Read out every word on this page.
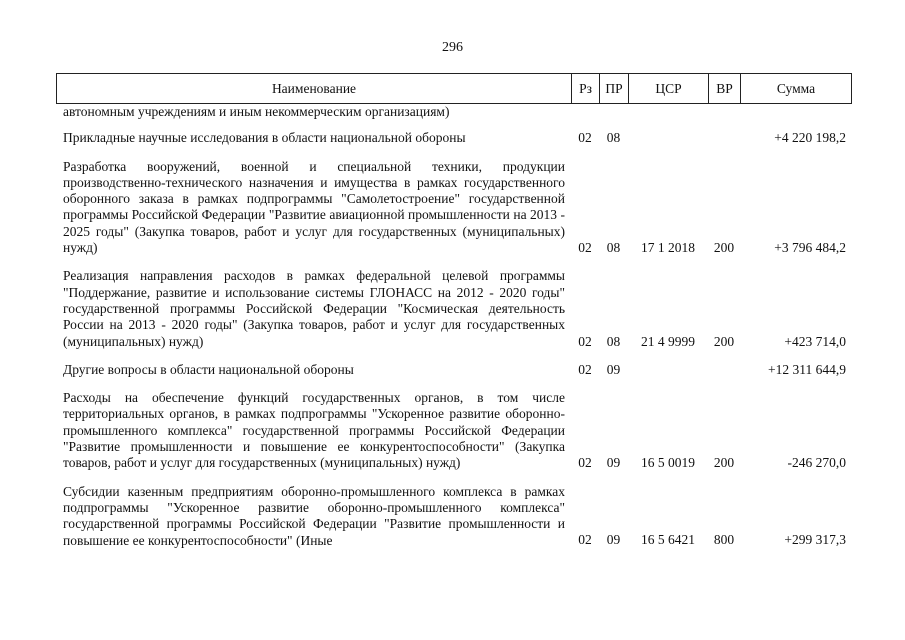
296
Наименование	Рз	ПР	ЦСР	ВР	Сумма
автономным учреждениям и иным некоммерческим организациям)					

Прикладные научные исследования в области национальной обороны	02	08			+4 220 198,2

Разработка вооружений, военной и специальной техники, продукции производственно-технического назначения и имущества в рамках государственного оборонного заказа в рамках подпрограммы "Самолетостроение" государственной программы Российской Федерации "Развитие авиационной промышленности на 2013 - 2025 годы" (Закупка товаров, работ и услуг для государственных (муниципальных) нужд)	02	08	17 1 2018	200	+3 796 484,2

Реализация направления расходов в рамках федеральной целевой программы "Поддержание, развитие и использование системы ГЛОНАСС на 2012 - 2020 годы" государственной программы Российской Федерации "Космическая деятельность России на 2013 - 2020 годы" (Закупка товаров, работ и услуг для государственных (муниципальных) нужд)	02	08	21 4 9999	200	+423 714,0

Другие вопросы в области национальной обороны	02	09			+12 311 644,9

Расходы на обеспечение функций государственных органов, в том числе территориальных органов, в рамках подпрограммы "Ускоренное развитие оборонно-промышленного комплекса" государственной программы Российской Федерации "Развитие промышленности и повышение ее конкурентоспособности" (Закупка товаров, работ и услуг для государственных (муниципальных) нужд)	02	09	16 5 0019	200	-246 270,0

Субсидии казенным предприятиям оборонно-промышленного комплекса в рамках подпрограммы "Ускоренное развитие оборонно-промышленного комплекса" государственной программы Российской Федерации "Развитие промышленности и повышение ее конкурентоспособности" (Иные	02	09	16 5 6421	800	+299 317,3
